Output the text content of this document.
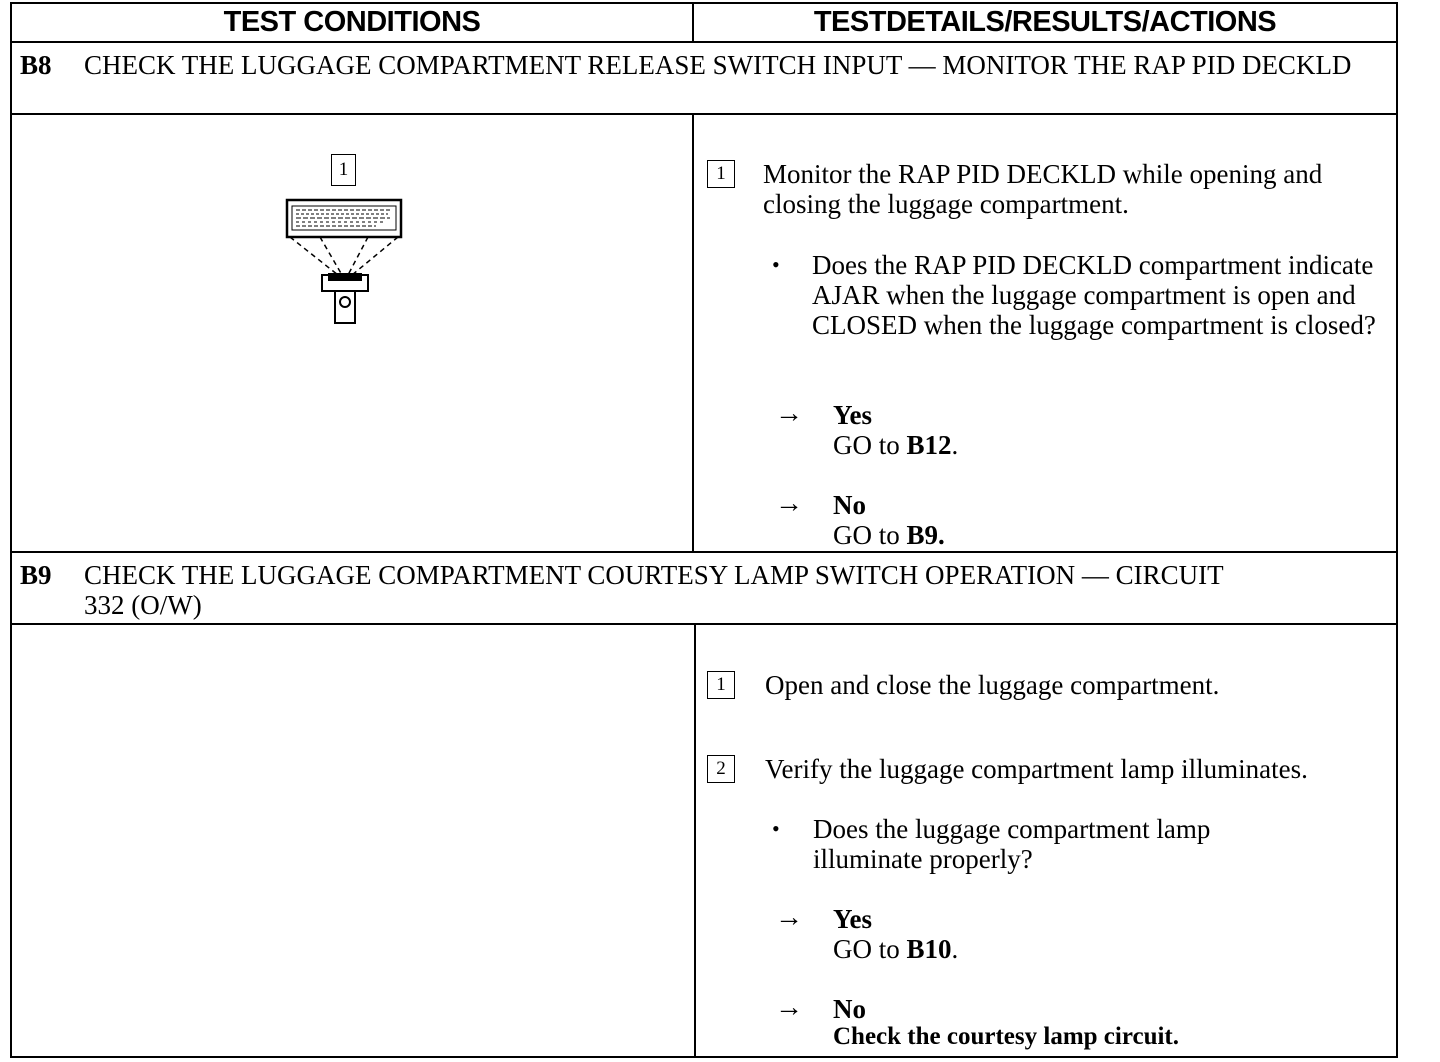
TEST CONDITIONS	TESTDETAILS/RESULTS/ACTIONS
B8 CHECK THE LUGGAGE COMPARTMENT RELEASE SWITCH INPUT — MONITOR THE RAP PID DECKLD
1	1	Monitor the RAP PID DECKLD while opening and closing the luggage compartment.
• Does the RAP PID DECKLD compartment indicate AJAR when the luggage compartment is open and CLOSED when the luggage compartment is closed?
→ Yes
GO to B12.
→ No
GO to B9.
B9 CHECK THE LUGGAGE COMPARTMENT COURTESY LAMP SWITCH OPERATION — CIRCUIT 332 (O/W)
1	Open and close the luggage compartment.
2	Verify the luggage compartment lamp illuminates.
• Does the luggage compartment lamp illuminate properly?
→ Yes
GO to B10.
→ No
Check the courtesy lamp circuit.
